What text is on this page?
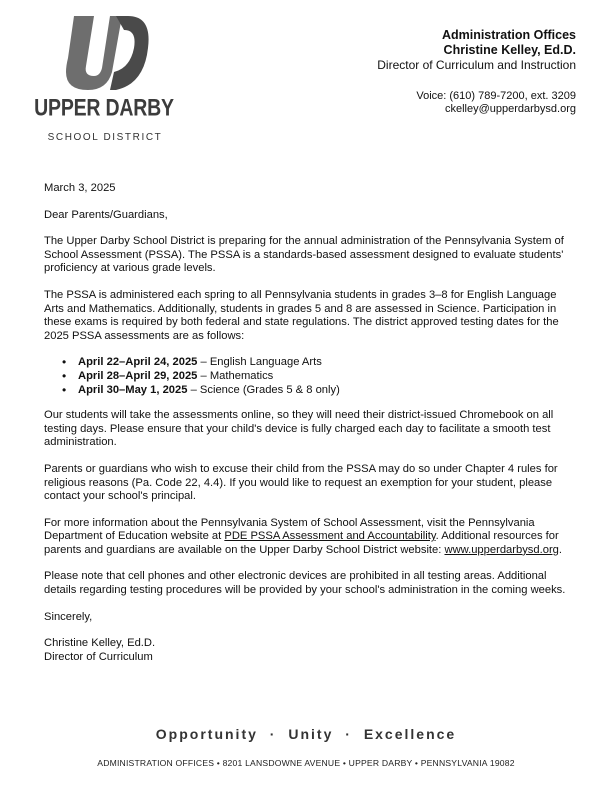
UPPER DARBY
SCHOOL DISTRICT
Administration Offices
Christine Kelley, Ed.D.
Director of Curriculum and Instruction
Voice: (610) 789-7200, ext. 3209
ckelley@upperdarbysd.org

March 3, 2025

Dear Parents/Guardians,

The Upper Darby School District is preparing for the annual administration of the Pennsylvania System of School Assessment (PSSA). The PSSA is a standards-based assessment designed to evaluate students' proficiency at various grade levels.

The PSSA is administered each spring to all Pennsylvania students in grades 3–8 for English Language Arts and Mathematics. Additionally, students in grades 5 and 8 are assessed in Science. Participation in these exams is required by both federal and state regulations. The district approved testing dates for the 2025 PSSA assessments are as follows:

• April 22–April 24, 2025 – English Language Arts
• April 28–April 29, 2025 – Mathematics
• April 30–May 1, 2025 – Science (Grades 5 & 8 only)

Our students will take the assessments online, so they will need their district-issued Chromebook on all testing days. Please ensure that your child's device is fully charged each day to facilitate a smooth test administration.

Parents or guardians who wish to excuse their child from the PSSA may do so under Chapter 4 rules for religious reasons (Pa. Code 22, 4.4). If you would like to request an exemption for your student, please contact your school's principal.

For more information about the Pennsylvania System of School Assessment, visit the Pennsylvania Department of Education website at PDE PSSA Assessment and Accountability. Additional resources for parents and guardians are available on the Upper Darby School District website: www.upperdarbysd.org.

Please note that cell phones and other electronic devices are prohibited in all testing areas. Additional details regarding testing procedures will be provided by your school's administration in the coming weeks.

Sincerely,

Christine Kelley, Ed.D.
Director of Curriculum
Opportunity · Unity · Excellence
ADMINISTRATION OFFICES • 8201 LANSDOWNE AVENUE • UPPER DARBY • PENNSYLVANIA 19082
